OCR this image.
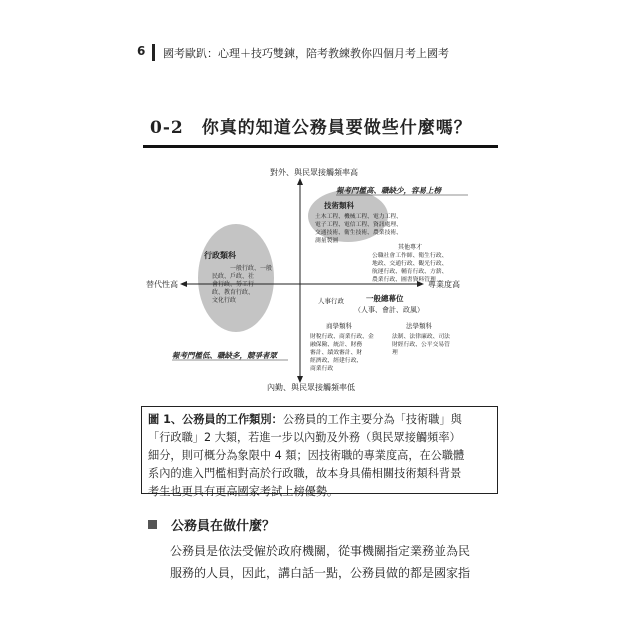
6 國考歐趴：心理＋技巧雙鍊，陪考教練教你四個月考上國考
0-2　你真的知道公務員要做些什麼嗎？
對外、與民眾接觸頻率高
內勤、與民眾接觸頻率低
替代性高	專業度高
報考門檻高、職缺少，容易上榜
報考門檻低、職缺多，競爭者眾
行政類科
一般行政、一般
民政、戶政、社
會行政、勞工行
政、教育行政、
文化行政
技術類科
土木工程、機械工程、電力工程、
電子工程、電信工程、資訊處理、
交通技術、衛生技術、農業技術、
測量製圖
其他專才
公職社會工作師、衛生行政、
地政、交通行政、觀光行政、
航運行政、輔育行政、方薪、
農業行政、圖書資料管理
人事行政	一般總幕位
（人事、會計、政風）
商學類科
財稅行政、商業行政、金
融保險、統計、財務
審計、績效審計、財
經濟政、經建行政、
商業行政
法學類科
法制、法律廉政、司法
財經行政、公平交易管
理
圖 1、公務員的工作類別：公務員的工作主要分為「技術職」與
「行政職」2 大類，若進一步以內勤及外務（與民眾接觸頻率）
細分，則可概分為象限中 4 類；因技術職的專業度高，在公職體
系內的進入門檻相對高於行政職，故本身具備相關技術類科背景
考生也更具有更高國家考試上榜優勢。
公務員在做什麼？
公務員是依法受僱於政府機關，從事機關指定業務並為民
服務的人員，因此，講白話一點，公務員做的都是國家指
